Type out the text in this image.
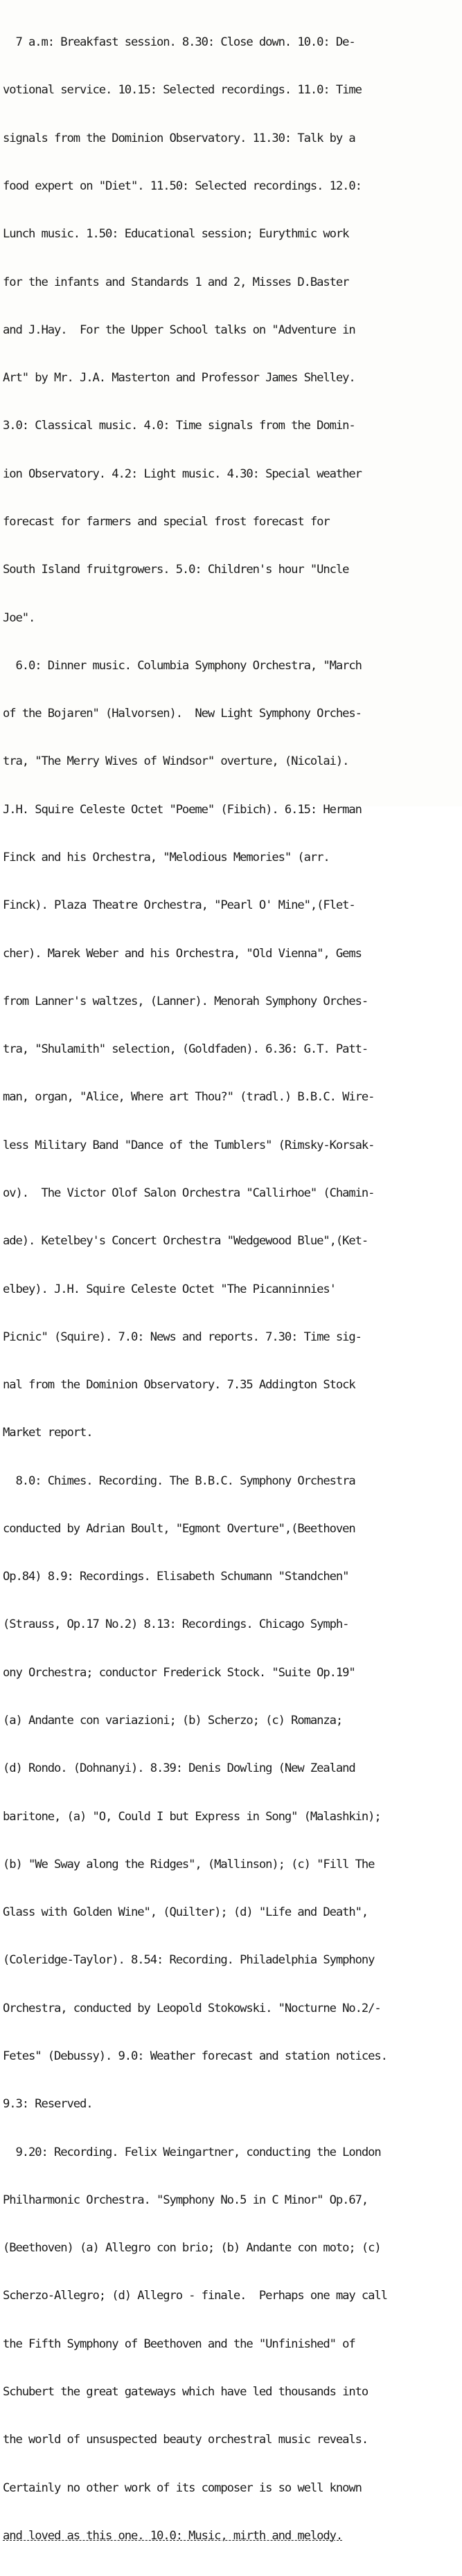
7 a.m: Breakfast session. 8.30: Close down. 10.0: De-

votional service. 10.15: Selected recordings. 11.0: Time

signals from the Dominion Observatory. 11.30: Talk by a

food expert on "Diet". 11.50: Selected recordings. 12.0:

Lunch music. 1.50: Educational session; Eurythmic work

for the infants and Standards 1 and 2, Misses D.Baster

and J.Hay.  For the Upper School talks on "Adventure in

Art" by Mr. J.A. Masterton and Professor James Shelley.

3.0: Classical music. 4.0: Time signals from the Domin-

ion Observatory. 4.2: Light music. 4.30: Special weather

forecast for farmers and special frost forecast for

South Island fruitgrowers. 5.0: Children's hour "Uncle

Joe".

6.0: Dinner music. Columbia Symphony Orchestra, "March

of the Bojaren" (Halvorsen).  New Light Symphony Orches-

tra, "The Merry Wives of Windsor" overture, (Nicolai).

J.H. Squire Celeste Octet "Poeme" (Fibich). 6.15: Herman

Finck and his Orchestra, "Melodious Memories" (arr.

Finck). Plaza Theatre Orchestra, "Pearl O' Mine",(Flet-

cher). Marek Weber and his Orchestra, "Old Vienna", Gems

from Lanner's waltzes, (Lanner). Menorah Symphony Orches-

tra, "Shulamith" selection, (Goldfaden). 6.36: G.T. Patt-

man, organ, "Alice, Where art Thou?" (tradl.) B.B.C. Wire-

less Military Band "Dance of the Tumblers" (Rimsky-Korsak-

ov).  The Victor Olof Salon Orchestra "Callirhoe" (Chamin-

ade). Ketelbey's Concert Orchestra "Wedgewood Blue",(Ket-

elbey). J.H. Squire Celeste Octet "The Picanninnies'

Picnic" (Squire). 7.0: News and reports. 7.30: Time sig-

nal from the Dominion Observatory. 7.35 Addington Stock

Market report.

8.0: Chimes. Recording. The B.B.C. Symphony Orchestra

conducted by Adrian Boult, "Egmont Overture",(Beethoven

Op.84) 8.9: Recordings. Elisabeth Schumann "Standchen"

(Strauss, Op.17 No.2) 8.13: Recordings. Chicago Symph-

ony Orchestra; conductor Frederick Stock. "Suite Op.19"

(a) Andante con variazioni; (b) Scherzo; (c) Romanza;

(d) Rondo. (Dohnanyi). 8.39: Denis Dowling (New Zealand

baritone, (a) "O, Could I but Express in Song" (Malashkin);

(b) "We Sway along the Ridges", (Mallinson); (c) "Fill The

Glass with Golden Wine", (Quilter); (d) "Life and Death",

(Coleridge-Taylor). 8.54: Recording. Philadelphia Symphony

Orchestra, conducted by Leopold Stokowski. "Nocturne No.2/-

Fetes" (Debussy). 9.0: Weather forecast and station notices.

9.3: Reserved.

9.20: Recording. Felix Weingartner, conducting the London

Philharmonic Orchestra. "Symphony No.5 in C Minor" Op.67,

(Beethoven) (a) Allegro con brio; (b) Andante con moto; (c)

Scherzo-Allegro; (d) Allegro - finale.  Perhaps one may call

the Fifth Symphony of Beethoven and the "Unfinished" of

Schubert the great gateways which have led thousands into

the world of unsuspected beauty orchestral music reveals.

Certainly no other work of its composer is so well known

and loved as this one. 10.0: Music, mirth and melody.
